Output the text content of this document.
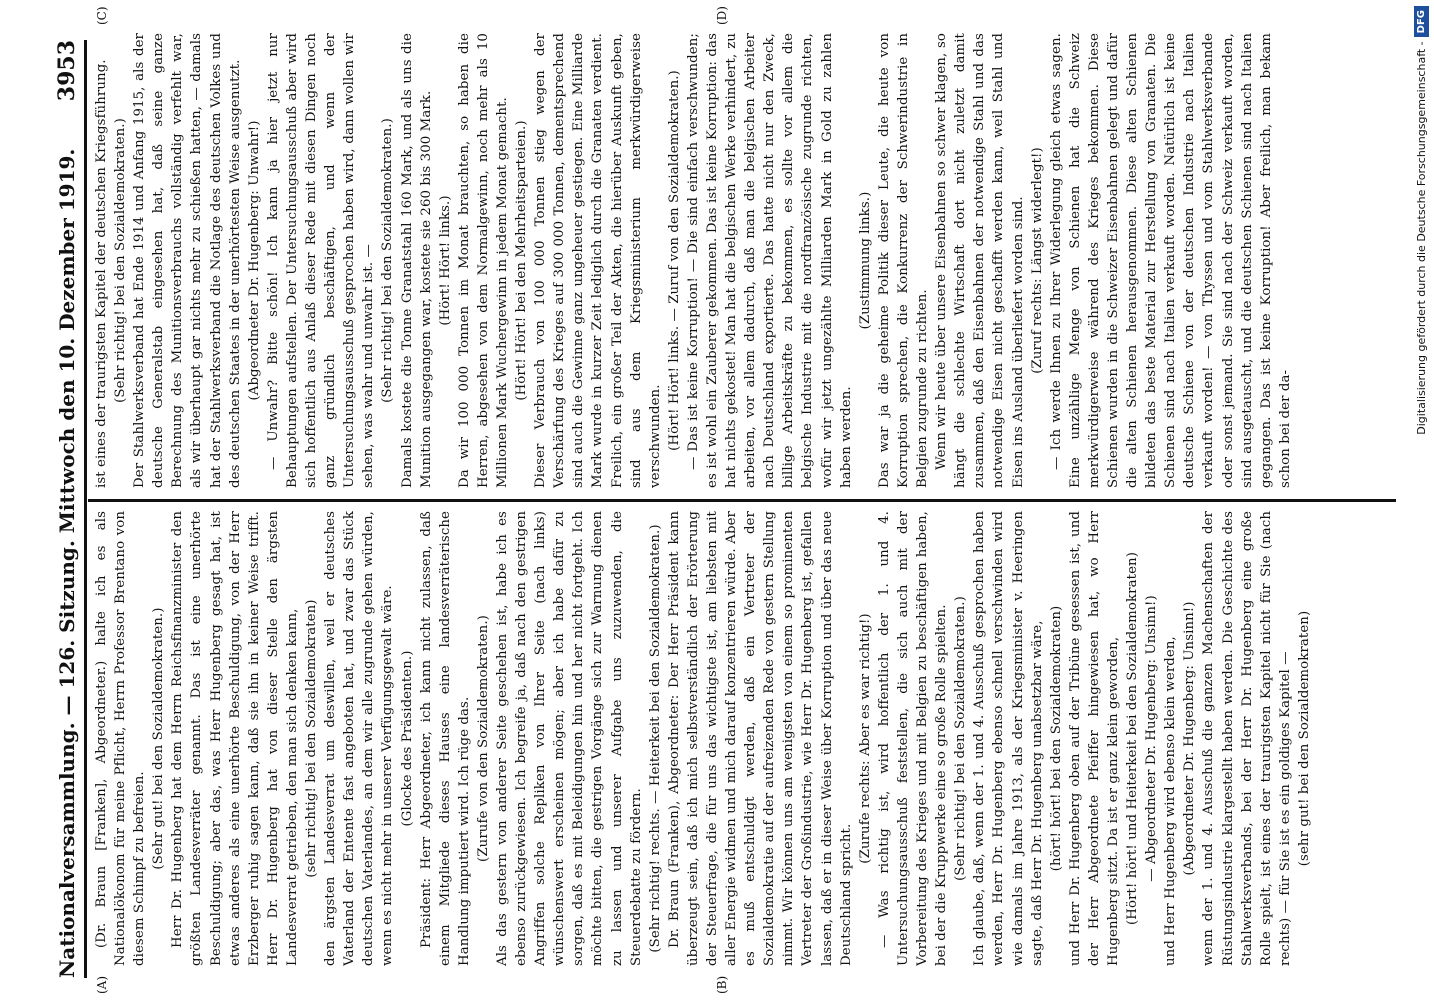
Nationalversammlung. — 126. Sitzung. Mittwoch den 10. Dezember 1919.
3953
(A)	(B)
(C)	(D)

(Dr. Braun [Franken], Abgeordneter.) halte ich es als Nationalökonom für meine Pflicht, Herrn Professor Brentano von diesem Schimpf zu befreien. (Sehr gut! bei den Sozialdemokraten.) Herr Dr. Hugenberg hat dem Herrn Reichsfinanzminister den größten Landesverräter genannt. Das ist eine unerhörte Beschuldigung; aber das, was Herr Hugenberg gesagt hat, ist etwas anderes als eine unerhörte Beschuldigung, von der Herr Erzberger ruhig sagen kann, daß sie ihn in keiner Weise trifft. Herr Dr. Hugenberg hat von dieser Stelle den ärgsten Landesverrat getrieben, den man sich denken kann, (sehr richtig! bei den Sozialdemokraten) den ärgsten Landesverrat um deswillen, weil er deutsches Vaterland der Entente fast angeboten hat, und zwar das Stück deutschen Vaterlandes, an dem wir alle zugrunde gehen würden, wenn es nicht mehr in unserer Verfügungsgewalt wäre. (Glocke des Präsidenten.) Präsident: Herr Abgeordneter, ich kann nicht zulassen, daß einem Mitgliede dieses Hauses eine landesverräterische Handlung imputiert wird. Ich rüge das. (Zurufe von den Sozialdemokraten.) Als das gestern von anderer Seite geschehen ist, habe ich es ebenso zurückgewiesen. Ich begreife ja, daß nach den gestrigen Angriffen solche Repliken von Ihrer Seite (nach links) wünschenswert erscheinen mögen; aber ich habe dafür zu sorgen, daß es mit Beleidigungen hin und her nicht fortgeht. Ich möchte bitten, die gestrigen Vorgänge sich zur Warnung dienen zu lassen und unserer Aufgabe uns zuzuwenden, die Steuerdebatte zu fördern. (Sehr richtig! rechts. — Heiterkeit bei den Sozialdemokraten.) Dr. Braun (Franken), Abgeordneter: Der Herr Präsident kann überzeugt sein, daß ich mich selbstverständlich der Erörterung der Steuerfrage, die für uns das wichtigste ist, am liebsten mit aller Energie widmen und mich darauf konzentrieren würde. Aber es muß entschuldigt werden, daß ein Vertreter der Sozialdemokratie auf der aufreizenden Rede von gestern Stellung nimmt. Wir können uns am wenigsten von einem so prominenten Vertreter der Großindustrie, wie Herr Dr. Hugenberg ist, gefallen lassen, daß er in dieser Weise über Korruption und über das neue Deutschland spricht.

(Zurufe rechts: Aber es war richtig!) — Was richtig ist, wird hoffentlich der 1. und 4. Untersuchungsausschuß feststellen, die sich auch mit der Vorbereitung des Krieges und mit Belgien zu beschäftigen haben, bei der die Kruppwerke eine so große Rolle spielten. (Sehr richtig! bei den Sozialdemokraten.) Ich glaube, daß, wenn der 1. und 4. Ausschuß gesprochen haben werden, Herr Dr. Hugenberg ebenso schnell verschwinden wird wie damals im Jahre 1913, als der Kriegsminister v. Heeringen sagte, daß Herr Dr. Hugenberg unabsetzbar wäre, (hört! hört! bei den Sozialdemokraten) und Herr Dr. Hugenberg oben auf der Tribüne gesessen ist, und der Herr Abgeordnete Pfeiffer hingewiesen hat, wo Herr Hugenberg sitzt. Da ist er ganz klein geworden, (Hört! hört! und Heiterkeit bei den Sozialdemokraten) — Abgeordneter Dr. Hugenberg: Unsinn!) und Herr Hugenberg wird ebenso klein werden, (Abgeordneter Dr. Hugenberg: Unsinn!) wenn der 1. und 4. Ausschuß die ganzen Machenschaften der Rüstungsindustrie klargestellt haben werden. Die Geschichte des Stahlwerksverbands, bei der Herr Dr. Hugenberg eine große Rolle spielt, ist eines der traurigsten Kapitel nicht für Sie (nach rechts) — für Sie ist es ein goldiges Kapitel — (sehr gut! bei den Sozialdemokraten)

ist eines der traurigsten Kapitel der deutschen Kriegsführung. (Sehr richtig! bei den Sozialdemokraten.) Der Stahlwerksverband hat Ende 1914 und Anfang 1915, als der deutsche Generalstab eingesehen hat, daß seine ganze Berechnung des Munitionsverbrauchs vollständig verfehlt war, als wir überhaupt gar nichts mehr zu schießen hatten, — damals hat der Stahlwerksverband die Notlage des deutschen Volkes und des deutschen Staates in der unerhörtesten Weise ausgenutzt. (Abgeordneter Dr. Hugenberg: Unwahr!) — Unwahr? Bitte schön! Ich kann ja hier jetzt nur Behauptungen aufstellen. Der Untersuchungsausschuß aber wird sich hoffentlich aus Anlaß dieser Rede mit diesen Dingen noch ganz gründlich beschäftigen, und wenn der Untersuchungsausschuß gesprochen haben wird, dann wollen wir sehen, was wahr und unwahr ist. — (Sehr richtig! bei den Sozialdemokraten.) Damals kostete die Tonne Granatstahl 160 Mark, und als uns die Munition ausgegangen war, kostete sie 260 bis 300 Mark. (Hört! Hört! links.) Da wir 100 000 Tonnen im Monat brauchten, so haben die Herren, abgesehen von dem Normalgewinn, noch mehr als 10 Millionen Mark Wuchergewinn in jedem Monat gemacht. (Hört! Hört! bei den Mehrheitsparteien.) Dieser Verbrauch von 100 000 Tonnen stieg wegen der Verschärfung des Krieges auf 300 000 Tonnen, dementsprechend sind auch die Gewinne ganz ungeheuer gestiegen. Eine Milliarde Mark wurde in kurzer Zeit lediglich durch die Granaten verdient. Freilich, ein großer Teil der Akten, die hierüber Auskunft geben, sind aus dem Kriegsministerium merkwürdigerweise verschwunden. (Hört! Hört! links. — Zuruf von den Sozialdemokraten.) — Das ist keine Korruption! — Die sind einfach verschwunden; es ist wohl ein Zauberer gekommen. Das ist keine Korruption: das hat nichts gekostet! Man hat die belgischen Werke verhindert, zu arbeiten, vor allem dadurch, daß man die belgischen Arbeiter nach Deutschland exportierte. Das hatte nicht nur den Zweck, billige Arbeitskräfte zu bekommen, es sollte vor allem die belgische Industrie mit die nordfranzösische zugrunde richten, wofür wir jetzt ungezählte Milliarden Mark in Gold zu zahlen haben werden.

(Zustimmung links.) Das war ja die geheime Politik dieser Leute, die heute von Korruption sprechen, die Konkurrenz der Schwerindustrie in Belgien zugrunde zu richten. Wenn wir heute über unsere Eisenbahnen so schwer klagen, so hängt die schlechte Wirtschaft dort nicht zuletzt damit zusammen, daß den Eisenbahnen der notwendige Stahl und das notwendige Eisen nicht geschafft werden kann, weil Stahl und Eisen ins Ausland überliefert worden sind. (Zuruf rechts: Längst widerlegt!) — Ich werde Ihnen zu Ihrer Widerlegung gleich etwas sagen. Eine unzählige Menge von Schienen hat die Schweiz merkwürdigerweise während des Krieges bekommen. Diese Schienen wurden in die Schweizer Eisenbahnen gelegt und dafür die alten Schienen herausgenommen. Diese alten Schienen bildeten das beste Material zur Herstellung von Granaten. Die Schienen sind nach Italien verkauft worden. Natürlich ist keine deutsche Schiene von der deutschen Industrie nach Italien verkauft worden! — von Thyssen und vom Stahlwerksverbande oder sonst jemand. Sie sind nach der Schweiz verkauft worden, sind ausgetauscht, und die deutschen Schienen sind nach Italien gegangen. Das ist keine Korruption! Aber freilich, man bekam schon bei der da-	Digitalisierung gefördert durch die Deutsche Forschungsgemeinschaft -
DFG
